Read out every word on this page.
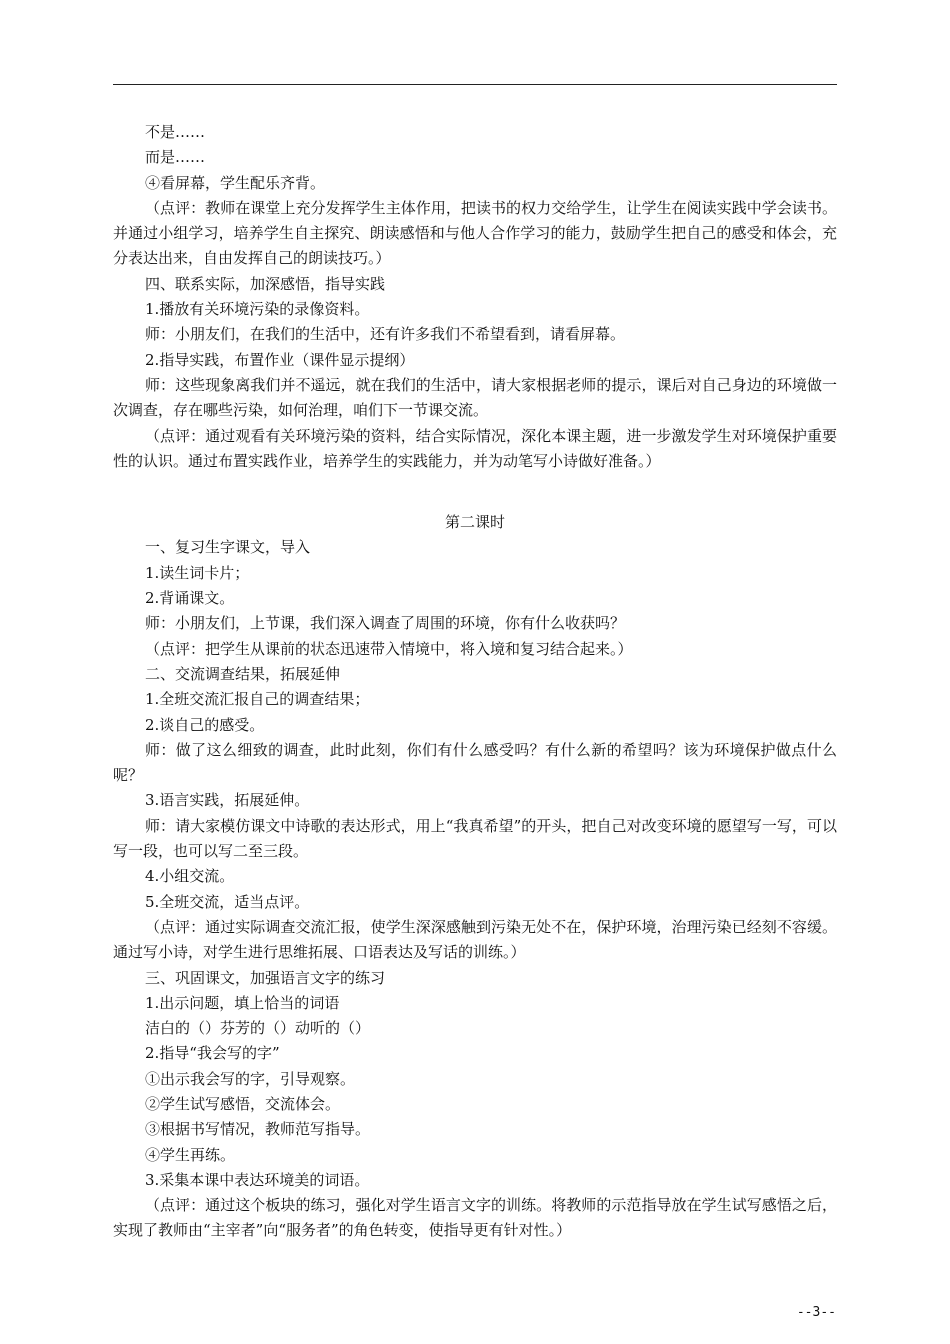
不是……

而是……

④看屏幕，学生配乐齐背。

（点评：教师在课堂上充分发挥学生主体作用，把读书的权力交给学生，让学生在阅读实践中学会读书。并通过小组学习，培养学生自主探究、朗读感悟和与他人合作学习的能力，鼓励学生把自己的感受和体会，充分表达出来，自由发挥自己的朗读技巧。）

四、联系实际，加深感悟，指导实践

1.播放有关环境污染的录像资料。

师：小朋友们，在我们的生活中，还有许多我们不希望看到，请看屏幕。

2.指导实践，布置作业（课件显示提纲）

师：这些现象离我们并不遥远，就在我们的生活中，请大家根据老师的提示，课后对自己身边的环境做一次调查，存在哪些污染，如何治理，咱们下一节课交流。

（点评：通过观看有关环境污染的资料，结合实际情况，深化本课主题，进一步激发学生对环境保护重要性的认识。通过布置实践作业，培养学生的实践能力，并为动笔写小诗做好准备。）

第二课时

一、复习生字课文，导入

1.读生词卡片；

2.背诵课文。

师：小朋友们，上节课，我们深入调查了周围的环境，你有什么收获吗？

（点评：把学生从课前的状态迅速带入情境中，将入境和复习结合起来。）

二、交流调查结果，拓展延伸

1.全班交流汇报自己的调查结果；

2.谈自己的感受。

师：做了这么细致的调查，此时此刻，你们有什么感受吗？有什么新的希望吗？该为环境保护做点什么呢？

3.语言实践，拓展延伸。

师：请大家模仿课文中诗歌的表达形式，用上“我真希望”的开头，把自己对改变环境的愿望写一写，可以写一段，也可以写二至三段。

4.小组交流。

5.全班交流，适当点评。

（点评：通过实际调查交流汇报，使学生深深感触到污染无处不在，保护环境，治理污染已经刻不容缓。通过写小诗，对学生进行思维拓展、口语表达及写话的训练。）

三、巩固课文，加强语言文字的练习

1.出示问题，填上恰当的词语

洁白的（）芬芳的（）动听的（）

2.指导“我会写的字”

①出示我会写的字，引导观察。

②学生试写感悟，交流体会。

③根据书写情况，教师范写指导。

④学生再练。

3.采集本课中表达环境美的词语。

（点评：通过这个板块的练习，强化对学生语言文字的训练。将教师的示范指导放在学生试写感悟之后，实现了教师由“主宰者”向“服务者”的角色转变，使指导更有针对性。）

--3--
